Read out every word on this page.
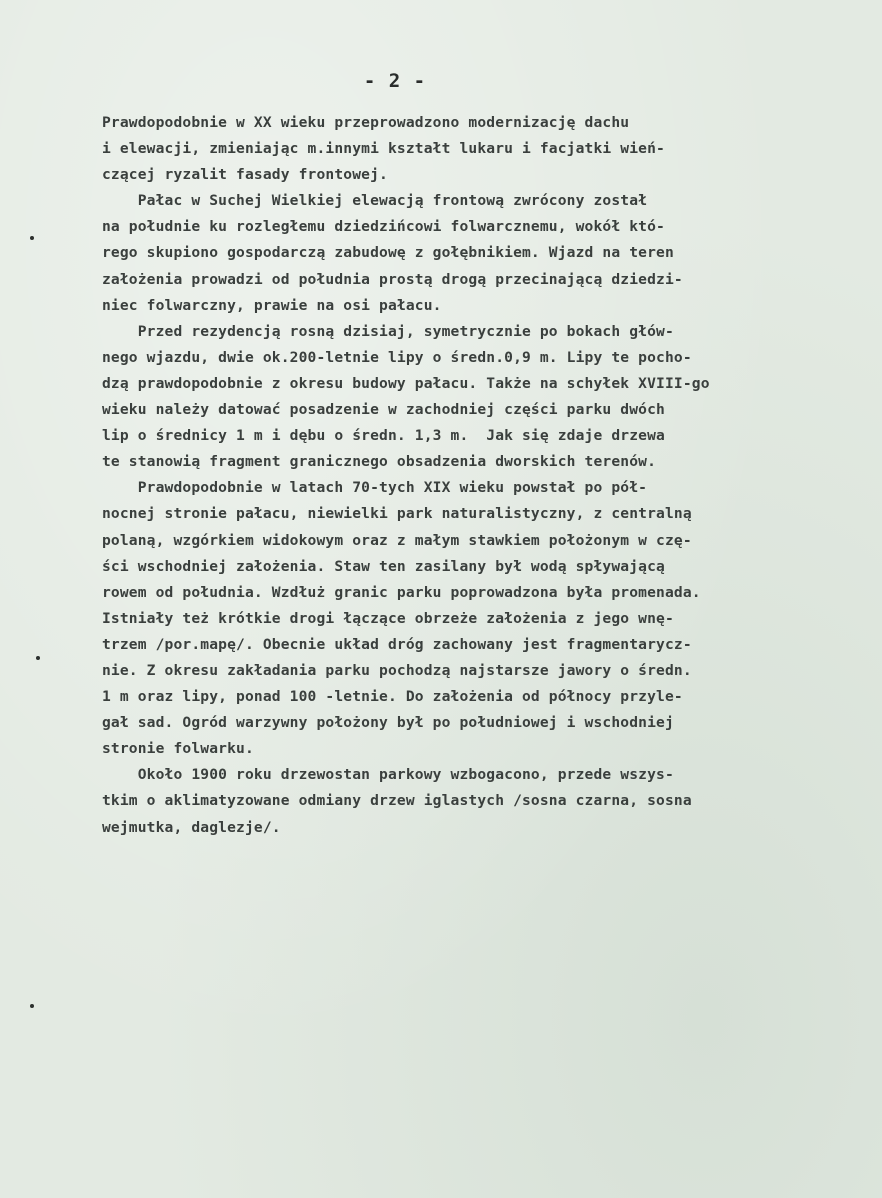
- 2 -
Prawdopodobnie w XX wieku przeprowadzono modernizację dachu
i elewacji, zmieniając m.innymi kształt lukaru i facjatki wień-
czącej ryzalit fasady frontowej.
Pałac w Suchej Wielkiej elewacją frontową zwrócony został
na południe ku rozległemu dziedzińcowi folwarcznemu, wokół któ-
rego skupiono gospodarczą zabudowę z gołębnikiem. Wjazd na teren
założenia prowadzi od południa prostą drogą przecinającą dziedzi-
niec folwarczny, prawie na osi pałacu.
Przed rezydencją rosną dzisiaj, symetrycznie po bokach głów-
nego wjazdu, dwie ok.200-letnie lipy o średn.0,9 m. Lipy te pocho-
dzą prawdopodobnie z okresu budowy pałacu. Także na schyłek XVIII-go
wieku należy datować posadzenie w zachodniej części parku dwóch
lip o średnicy 1 m i dębu o średn. 1,3 m.  Jak się zdaje drzewa
te stanowią fragment granicznego obsadzenia dworskich terenów.
Prawdopodobnie w latach 70-tych XIX wieku powstał po pół-
nocnej stronie pałacu, niewielki park naturalistyczny, z centralną
polaną, wzgórkiem widokowym oraz z małym stawkiem położonym w czę-
ści wschodniej założenia. Staw ten zasilany był wodą spływającą
rowem od południa. Wzdłuż granic parku poprowadzona była promenada.
Istniały też krótkie drogi łączące obrzeże założenia z jego wnę-
trzem /por.mapę/. Obecnie układ dróg zachowany jest fragmentarycz-
nie. Z okresu zakładania parku pochodzą najstarsze jawory o średn.
1 m oraz lipy, ponad 100 -letnie. Do założenia od północy przyle-
gał sad. Ogród warzywny położony był po południowej i wschodniej
stronie folwarku.
Około 1900 roku drzewostan parkowy wzbogacono, przede wszys-
tkim o aklimatyzowane odmiany drzew iglastych /sosna czarna, sosna
wejmutka, daglezje/.
